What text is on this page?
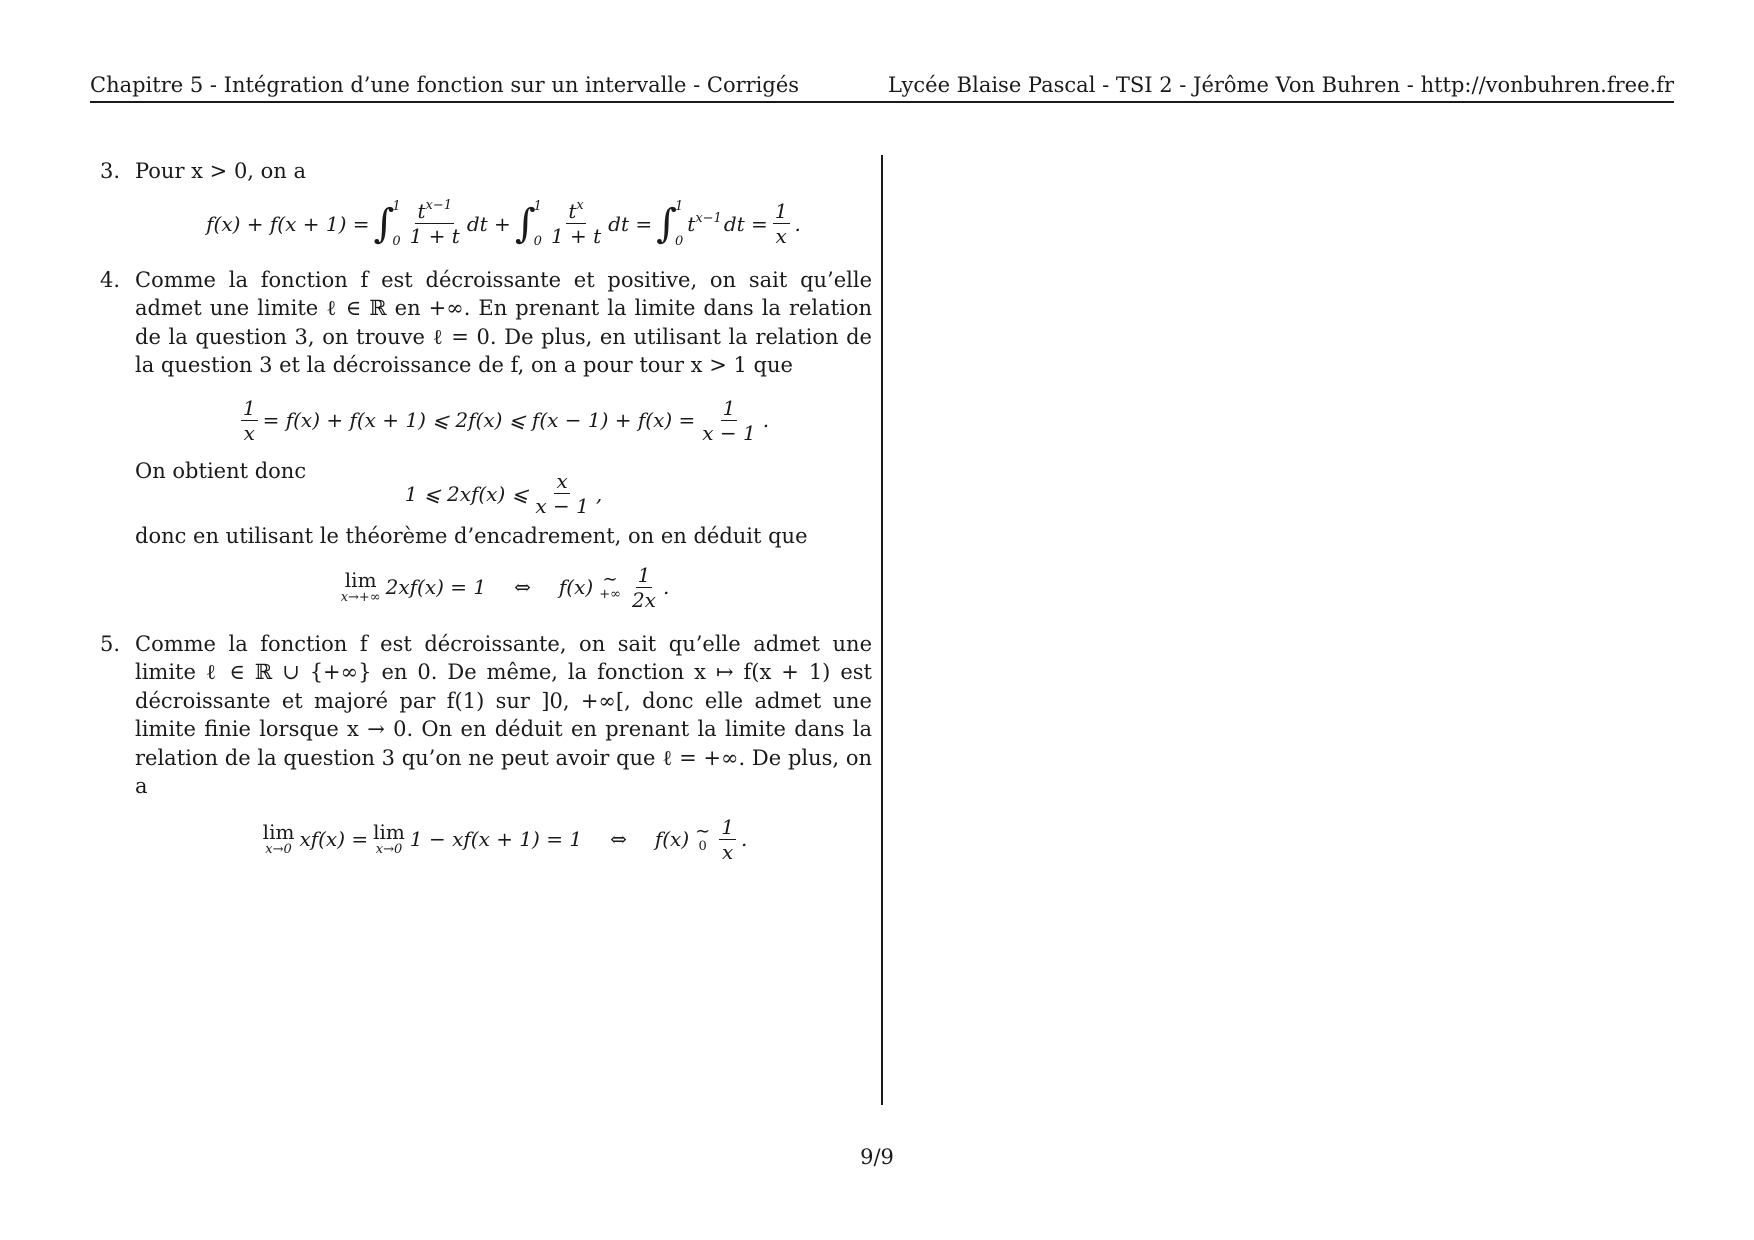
Chapitre 5 - Intégration d’une fonction sur un intervalle - Corrigés	Lycée Blaise Pascal - TSI 2 - Jérôme Von Buhren - http://vonbuhren.free.fr
3. Pour x > 0, on a
f(x) + f(x + 1) = ∫
1
$0 \frac{t^{x-1}}{1 + t}$ dt + ∫
1
$0 \frac{t^x}{1 + t}$ dt = ∫
1
0
$t^{x-1}$ dt = $\frac{1}{x}$ .
4. Comme la fonction f est décroissante et positive, on sait qu’elle admet une limite ℓ ∈ ℝ en +∞. En prenant la limite dans la relation de la question 3, on trouve ℓ = 0. De plus, en utilisant la relation de la question 3 et la décroissance de f, on a pour tour x > 1 que
$\frac{1}{x} = f(x) + f(x + 1)$ ⩽ 2f(x) ⩽ $f(x - 1) + f(x) = \frac{1}{x - 1}$ .
On obtient donc
1 ⩽ 2xf(x) ⩽ $\frac{x}{x - 1}$ ,
donc en utilisant le théorème d’encadrement, on en déduit que
lim
x→+∞ 2xf(x) = 1 ⇔ f(x) ∼
+∞ $\frac{1}{2x}$ .
5. Comme la fonction f est décroissante, on sait qu’elle admet une limite ℓ ∈ ℝ ∪ {+∞} en 0. De même, la fonction x ↦ f(x + 1) est décroissante et majoré par f(1) sur ]0, +∞[, donc elle admet une limite finie lorsque x → 0. On en déduit en prenant la limite dans la relation de la question 3 qu’on ne peut avoir que ℓ = +∞. De plus, on a
lim
x→0 xf(x) = lim
x→0 1 − xf(x + 1) = 1 ⇔ f(x) ∼
$0 \frac{1}{x}$ .
9/9
